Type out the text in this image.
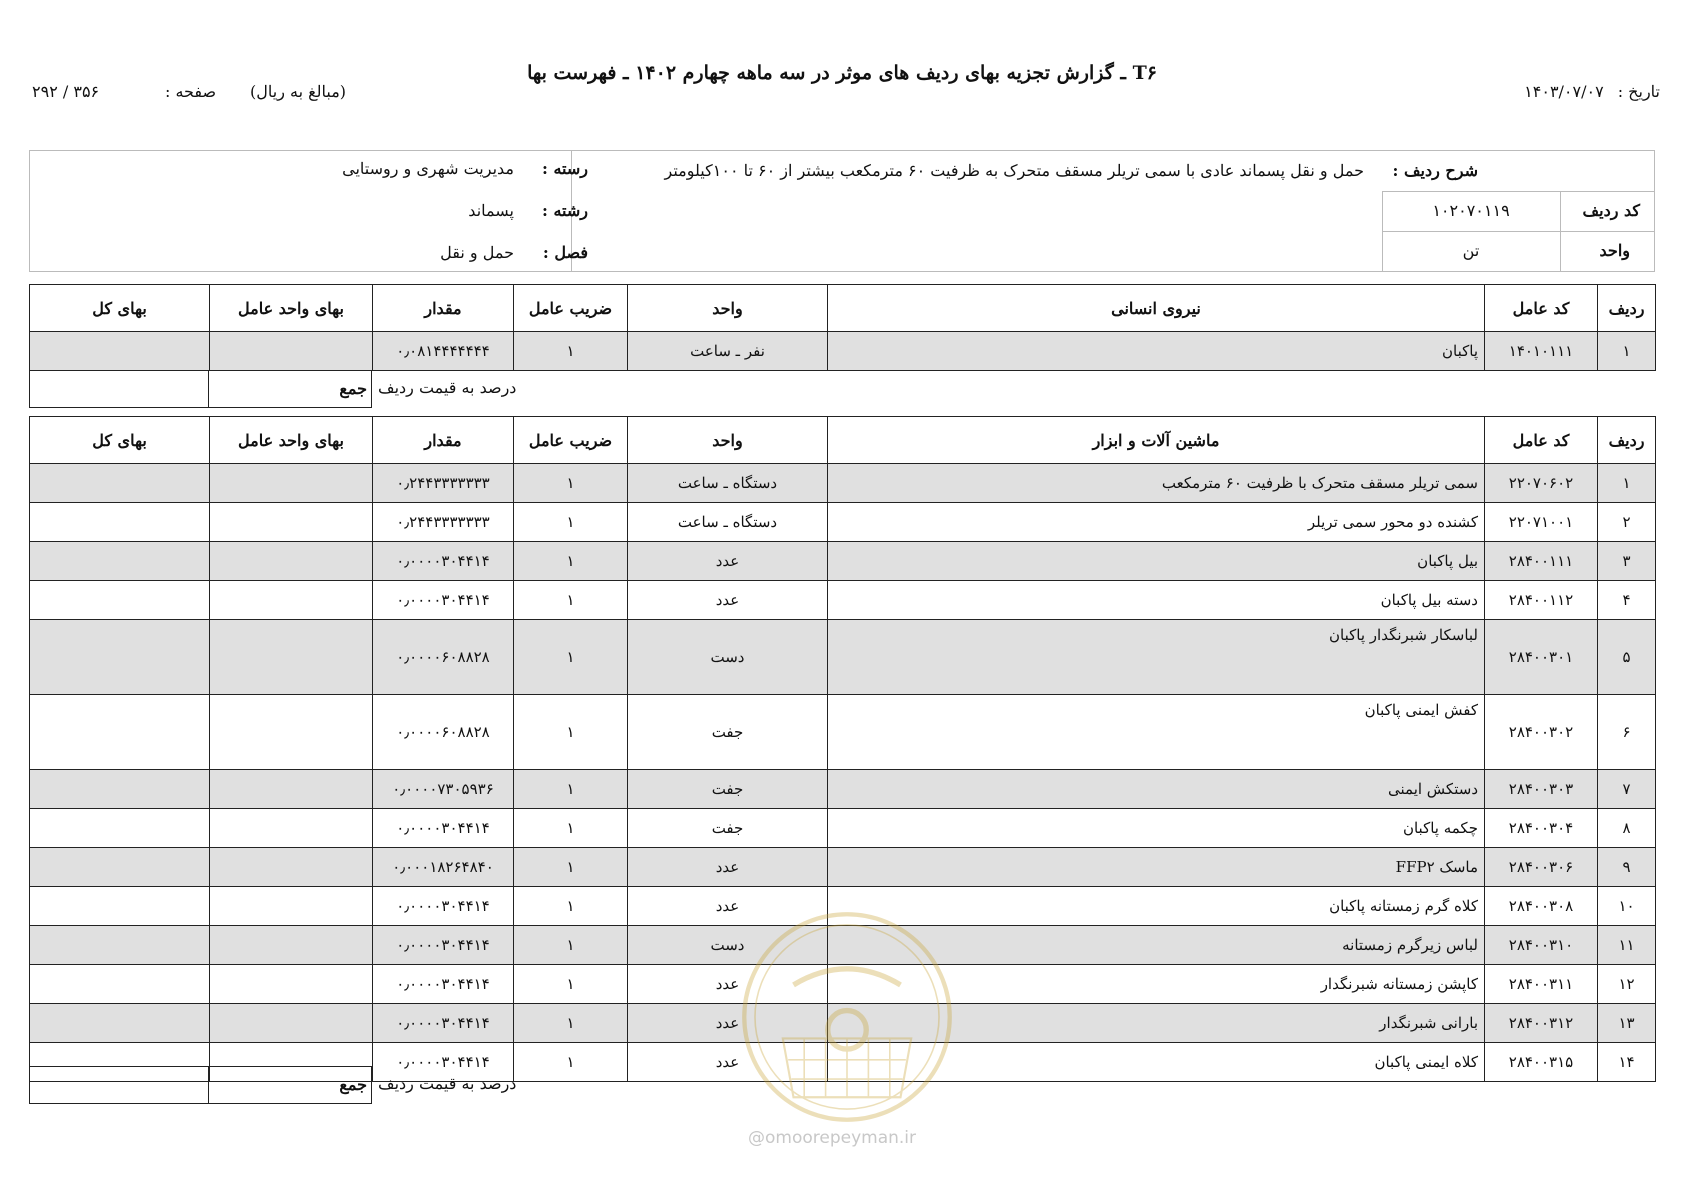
T۶ ـ گزارش تجزیه بهای ردیف های موثر در سه ماهه چهارم ۱۴۰۲ ـ فهرست بها
تاریخ :۱۴۰۳/۰۷/۰۷
(مبالغ به ریال)
صفحه :
۲۹۲ / ۳۵۶
شرح ردیف :
حمل و نقل پسماند عادی با سمی تریلر مسقف متحرک به ظرفیت ۶۰ مترمکعب بیشتر از ۶۰ تا ۱۰۰کیلومتر
کد ردیف
۱۰۲۰۷۰۱۱۹
واحد
تن
رسته :
مدیریت شهری و روستایی
رشته :
پسماند
فصل :
حمل و نقل
ردیف	کد عامل	نیروی انسانی	واحد	ضریب عامل	مقدار	بهای واحد عامل	بهای کل
۱	۱۴۰۱۰۱۱۱	پاکبان	نفر ـ ساعت	۱	۰٫۰۸۱۴۴۴۴۴۴۴		
جمع درصد به قیمت ردیف
ردیف	کد عامل	ماشین آلات و ابزار	واحد	ضریب عامل	مقدار	بهای واحد عامل	بهای کل
۱	۲۲۰۷۰۶۰۲	سمی تریلر مسقف متحرک با ظرفیت ۶۰ مترمکعب	دستگاه ـ ساعت	۱	۰٫۲۴۴۳۳۳۳۳۳۳		
۲	۲۲۰۷۱۰۰۱	کشنده دو محور سمی تریلر	دستگاه ـ ساعت	۱	۰٫۲۴۴۳۳۳۳۳۳۳		
۳	۲۸۴۰۰۱۱۱	بیل پاکبان	عدد	۱	۰٫۰۰۰۰۳۰۴۴۱۴		
۴	۲۸۴۰۰۱۱۲	دسته بیل پاکبان	عدد	۱	۰٫۰۰۰۰۳۰۴۴۱۴		
۵	۲۸۴۰۰۳۰۱	لباسکار شبرنگدار پاکبان	دست	۱	۰٫۰۰۰۰۶۰۸۸۲۸		
۶	۲۸۴۰۰۳۰۲	کفش ایمنی پاکبان	جفت	۱	۰٫۰۰۰۰۶۰۸۸۲۸		
۷	۲۸۴۰۰۳۰۳	دستکش ایمنی	جفت	۱	۰٫۰۰۰۰۷۳۰۵۹۳۶		
۸	۲۸۴۰۰۳۰۴	چکمه پاکبان	جفت	۱	۰٫۰۰۰۰۳۰۴۴۱۴		
۹	۲۸۴۰۰۳۰۶	ماسک FFP۲	عدد	۱	۰٫۰۰۰۱۸۲۶۴۸۴۰		
۱۰	۲۸۴۰۰۳۰۸	کلاه گرم زمستانه پاکبان	عدد	۱	۰٫۰۰۰۰۳۰۴۴۱۴		
۱۱	۲۸۴۰۰۳۱۰	لباس زیرگرم زمستانه	دست	۱	۰٫۰۰۰۰۳۰۴۴۱۴		
۱۲	۲۸۴۰۰۳۱۱	کاپشن زمستانه شبرنگدار	عدد	۱	۰٫۰۰۰۰۳۰۴۴۱۴		
۱۳	۲۸۴۰۰۳۱۲	بارانی شبرنگدار	عدد	۱	۰٫۰۰۰۰۳۰۴۴۱۴		
۱۴	۲۸۴۰۰۳۱۵	کلاه ایمنی پاکبان	عدد	۱	۰٫۰۰۰۰۳۰۴۴۱۴		
جمع درصد به قیمت ردیف
@omoorepeyman.ir
